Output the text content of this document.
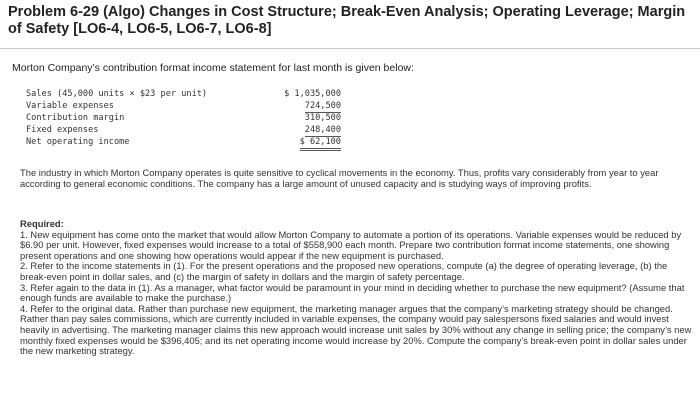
Problem 6-29 (Algo) Changes in Cost Structure; Break-Even Analysis; Operating Leverage; Margin of Safety [LO6-4, LO6-5, LO6-7, LO6-8]
Morton Company’s contribution format income statement for last month is given below:
Sales (45,000 units × $23 per unit)	$ 1,035,000
Variable expenses	724,500
Contribution margin	310,500
Fixed expenses	248,400
Net operating income	$ 62,100
The industry in which Morton Company operates is quite sensitive to cyclical movements in the economy. Thus, profits vary considerably from year to year according to general economic conditions. The company has a large amount of unused capacity and is studying ways of improving profits.
Required:
1. New equipment has come onto the market that would allow Morton Company to automate a portion of its operations. Variable expenses would be reduced by $6.90 per unit. However, fixed expenses would increase to a total of $558,900 each month. Prepare two contribution format income statements, one showing present operations and one showing how operations would appear if the new equipment is purchased.
2. Refer to the income statements in (1). For the present operations and the proposed new operations, compute (a) the degree of operating leverage, (b) the break-even point in dollar sales, and (c) the margin of safety in dollars and the margin of safety percentage.
3. Refer again to the data in (1). As a manager, what factor would be paramount in your mind in deciding whether to purchase the new equipment? (Assume that enough funds are available to make the purchase.)
4. Refer to the original data. Rather than purchase new equipment, the marketing manager argues that the company’s marketing strategy should be changed. Rather than pay sales commissions, which are currently included in variable expenses, the company would pay salespersons fixed salaries and would invest heavily in advertising. The marketing manager claims this new approach would increase unit sales by 30% without any change in selling price; the company’s new monthly fixed expenses would be $396,405; and its net operating income would increase by 20%. Compute the company’s break-even point in dollar sales under the new marketing strategy.
